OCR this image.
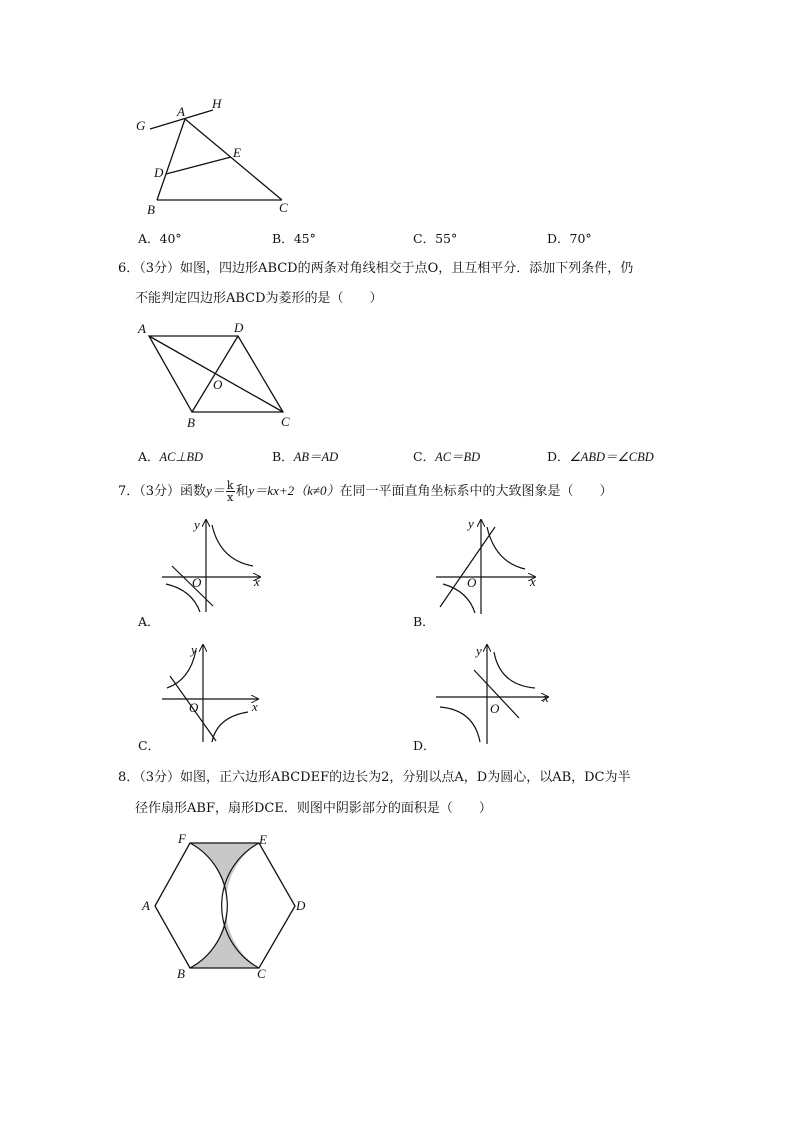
G
A
H
E
D
B	C
A．40°	B．45°	C．55°	D．70°
6．（3分）如图，四边形ABCD的两条对角线相交于点O，且互相平分．添加下列条件，仍
不能判定四边形ABCD为菱形的是（　　）
A	D
O
B	C
A．AC⊥BD	B．AB＝AD	C．AC＝BD	D．∠ABD＝∠CBD
7．（3分）函数$y= \frac{k}{x}$ 和y＝kx+2（k≠0）在同一平面直角坐标系中的大致图象是（　　）
y
x
O
A．
y
x
O
B．
y
x
O
C．
y
x
O
D．
8．（3分）如图，正六边形ABCDEF的边长为2，分别以点A，D为圆心，以AB，DC为半
径作扇形ABF，扇形DCE．则图中阴影部分的面积是（　　）
F	E
A	D
B	C
